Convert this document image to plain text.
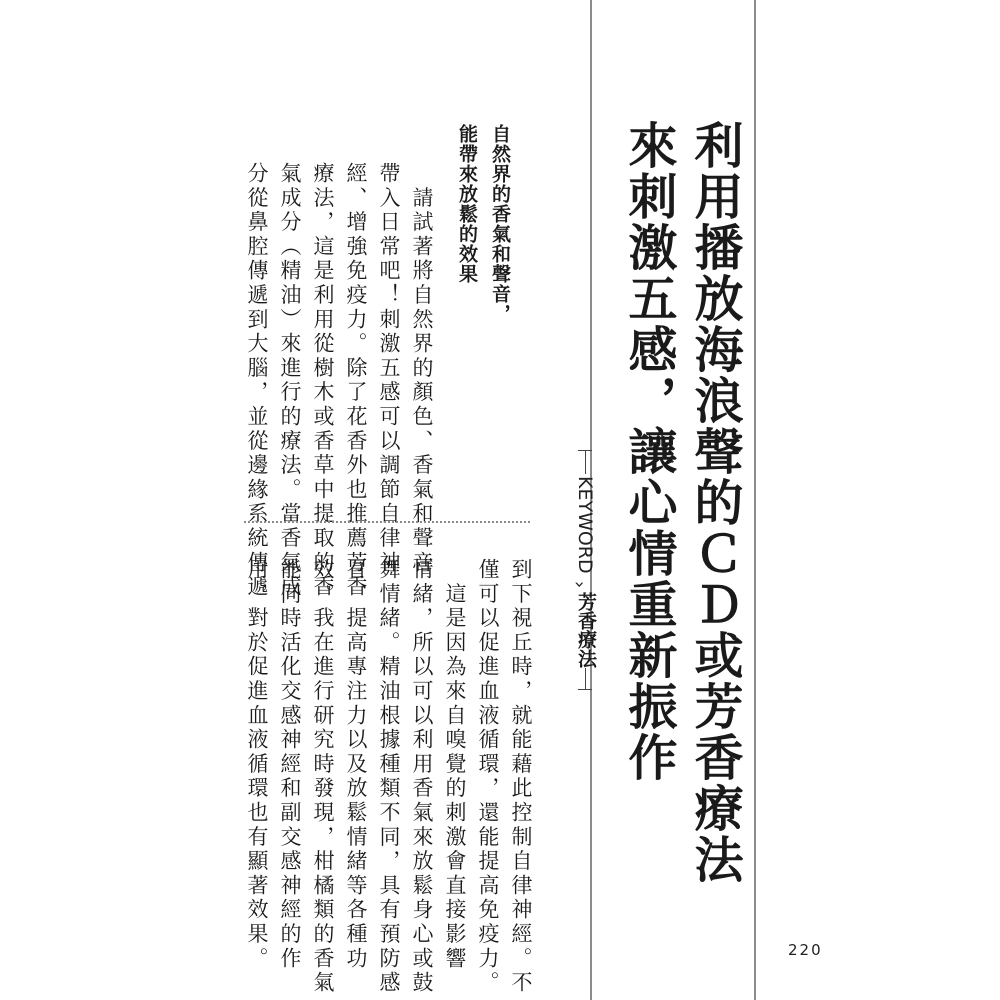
利用播放海浪聲的ＣＤ或芳香療法
來刺激五感，讓心情重新振作
KEYWORD
›
芳香療法
自然界的香氣和聲音，
能帶來放鬆的效果
　請試著將自然界的顏色、香氣和聲音
帶入日常吧！刺激五感可以調節自律神
經、增強免疫力。除了花香外也推薦芳香
療法，這是利用從樹木或香草中提取的香
氣成分（精油）來進行的療法。當香氣成
分從鼻腔傳遞到大腦，並從邊緣系統傳遞
到下視丘時，就能藉此控制自律神經。不
僅可以促進血液循環，還能提高免疫力。
　這是因為來自嗅覺的刺激會直接影響
情緒，所以可以利用香氣來放鬆身心或鼓
舞情緒。精油根據種類不同，具有預防感
冒、提高專注力以及放鬆情緒等各種功
效。我在進行研究時發現，柑橘類的香氣
能同時活化交感神經和副交感神經的作
用，對於促進血液循環也有顯著效果。	220
